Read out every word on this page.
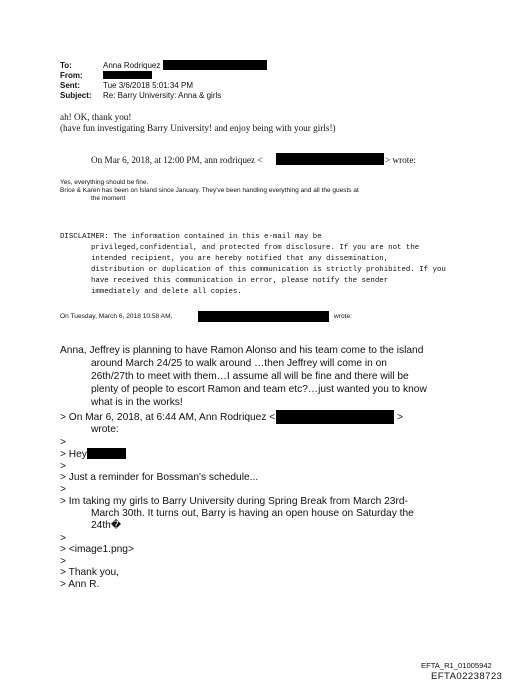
To:	Anna Rodriquez
From:
Sent:	Tue 3/6/2018 5:01:34 PM
Subject: Re: Barry University: Anna & girls
ah! OK, thank you!
(have fun investigating Barry University! and enjoy being with your girls!)
On Mar 6, 2018, at 12:00 PM, ann rodriquez <	> wrote:
Yes, everything should be fine.
Brice & Karen has been on Island since January. They've been handling everything and all the guests at
the moment
DISCLAIMER: The information contained in this e-mail may be
privileged,confidential, and protected from disclosure. If you are not the
intended recipient, you are hereby notified that any dissemination,
distribution or duplication of this communication is strictly prohibited. If you
have received this communication in error, please notify the sender
immediately and delete all copies.
On Tuesday, March 6, 2018 10:58 AM,	wrote:
Anna, Jeffrey is planning to have Ramon Alonso and his team come to the island
around March 24/25 to walk around …then Jeffrey will come in on
26th/27th to meet with them…I assume all will be fine and there will be
plenty of people to escort Ramon and team etc?…just wanted you to know
what is in the works!
> On Mar 6, 2018, at 6:44 AM, Ann Rodriquez <	>
wrote:
>
> Hey
>
> Just a reminder for Bossman's schedule...
>
> Im taking my girls to Barry University during Spring Break from March 23rd-
March 30th. It turns out, Barry is having an open house on Saturday the
24th�
>
> <image1.png>
>
> Thank you,
> Ann R.
EFTA_R1_01005942
EFTA02238723
